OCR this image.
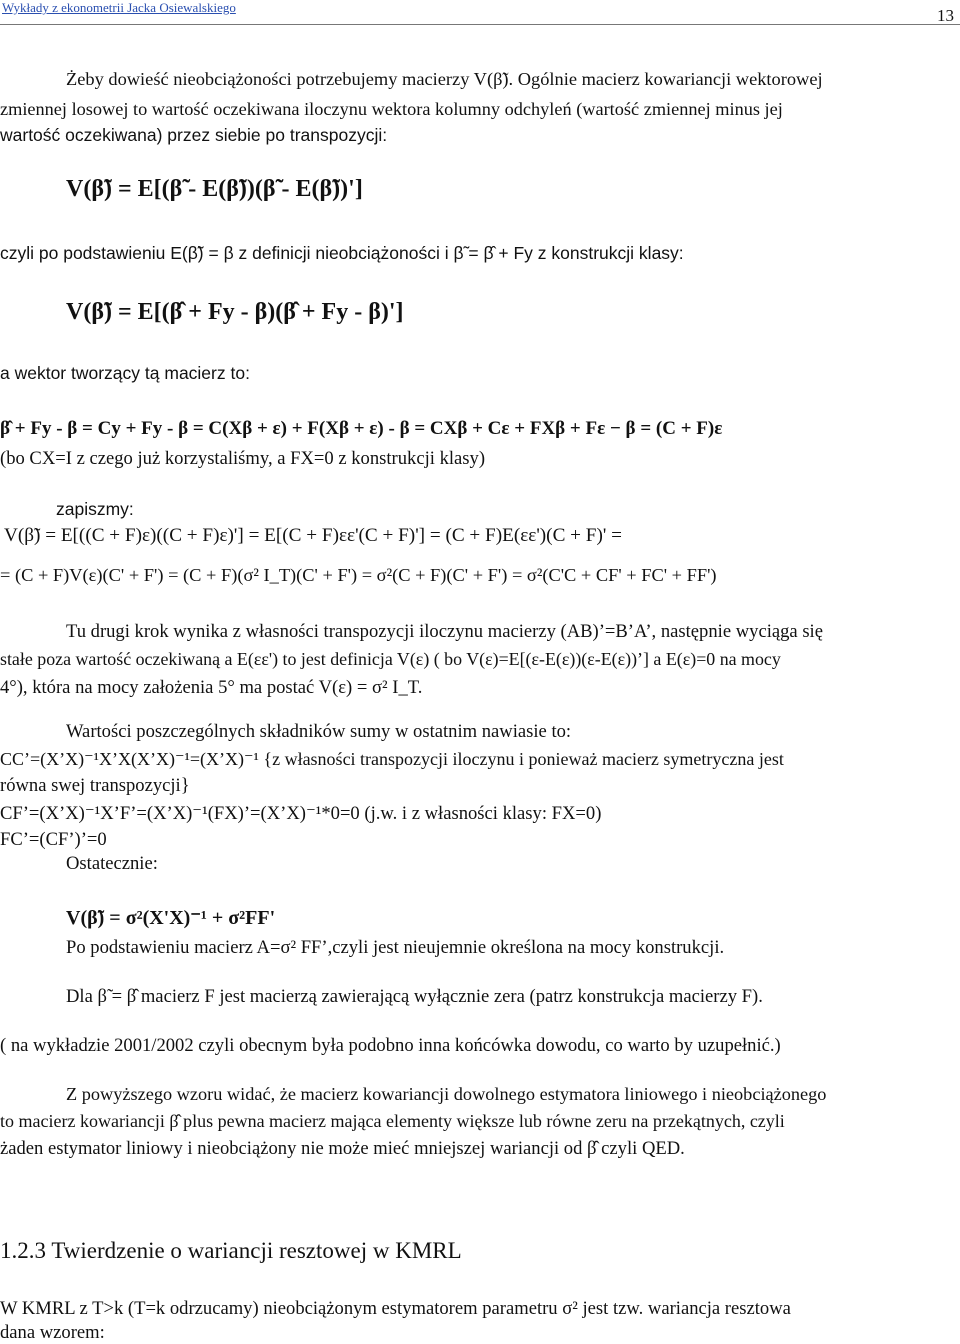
Wykłady z ekonometrii Jacka Osiewalskiego	13
Żeby dowieść nieobciążoności potrzebujemy macierzy V(β̃). Ogólnie macierz kowariancji wektorowej
zmiennej losowej to wartość oczekiwana iloczynu wektora kolumny odchyleń (wartość zmiennej minus jej
wartość oczekiwana) przez siebie po transpozycji:
V(β̃) = E[(β̃ - E(β̃))(β̃ - E(β̃))']
czyli po podstawieniu E(β̃) = β z definicji nieobciążoności i β̃ = β̂ + Fy z konstrukcji klasy:
V(β̃) = E[(β̂ + Fy - β)(β̂ + Fy - β)']
a wektor tworzący tą macierz to:
β̂ + Fy - β = Cy + Fy - β = C(Xβ + ε) + F(Xβ + ε) - β = CXβ + Cε + FXβ + Fε − β = (C + F)ε
(bo CX=I z czego już korzystaliśmy, a FX=0 z konstrukcji klasy)
zapiszmy:
V(β̃) = E[((C + F)ε)((C + F)ε)'] = E[(C + F)εε'(C + F)'] = (C + F)E(εε')(C + F)' =
= (C + F)V(ε)(C' + F') = (C + F)(σ² I_T)(C' + F') = σ²(C + F)(C' + F') = σ²(C'C + CF' + FC' + FF')
Tu drugi krok wynika z własności transpozycji iloczynu macierzy (AB)’=B’A’, następnie wyciąga się
stałe poza wartość oczekiwaną a E(εε') to jest definicja V(ε) ( bo V(ε)=E[(ε-E(ε))(ε-E(ε))’] a E(ε)=0 na mocy
4°), która na mocy założenia 5° ma postać V(ε) = σ² I_T.
Wartości poszczególnych składników sumy w ostatnim nawiasie to:
CC’=(X’X)⁻¹X’X(X’X)⁻¹=(X’X)⁻¹ {z własności transpozycji iloczynu i ponieważ macierz symetryczna jest
równa swej transpozycji}
CF’=(X’X)⁻¹X’F’=(X’X)⁻¹(FX)’=(X’X)⁻¹*0=0 (j.w. i z własności klasy: FX=0)
FC’=(CF’)’=0
Ostatecznie:
V(β̃) = σ²(X'X)⁻¹ + σ²FF'
Po podstawieniu macierz A=σ² FF’,czyli jest nieujemnie określona na mocy konstrukcji.
Dla β̃ = β̂ macierz F jest macierzą zawierającą wyłącznie zera (patrz konstrukcja macierzy F).
( na wykładzie 2001/2002 czyli obecnym była podobno inna końcówka dowodu, co warto by uzupełnić.)
Z powyższego wzoru widać, że macierz kowariancji dowolnego estymatora liniowego i nieobciążonego
to macierz kowariancji β̂ plus pewna macierz mająca elementy większe lub równe zeru na przekątnych, czyli
żaden estymator liniowy i nieobciążony nie może mieć mniejszej wariancji od β̂ czyli QED.
1.2.3 Twierdzenie o wariancji resztowej w KMRL
W KMRL z T>k (T=k odrzucamy) nieobciążonym estymatorem parametru σ² jest tzw. wariancja resztowa
dana wzorem:
